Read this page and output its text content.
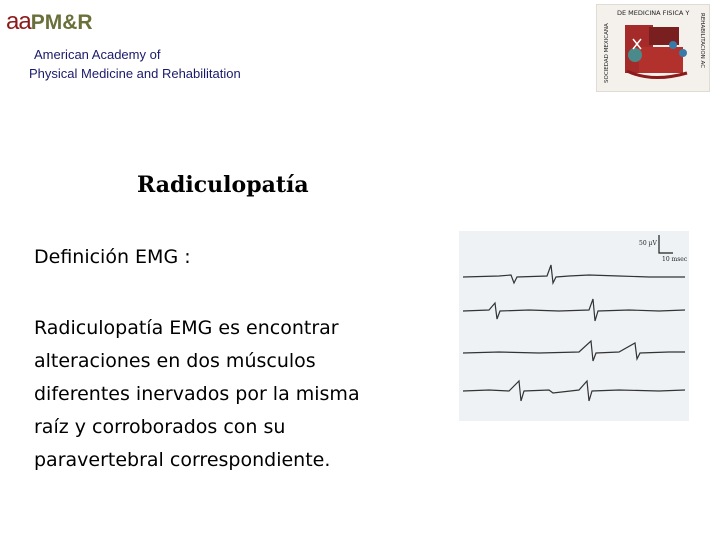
aaPM&R
American Academy of
Physical Medicine and Rehabilitation
DE MEDICINA FISICA Y
SOCIEDAD MEXICANA	REHABILITACION AC
Radiculopatía
Definición EMG :
Radiculopatía EMG es encontrar
alteraciones en dos músculos
diferentes inervados por la misma
raíz y corroborados con su
paravertebral correspondiente.
50 µV
10 msec
